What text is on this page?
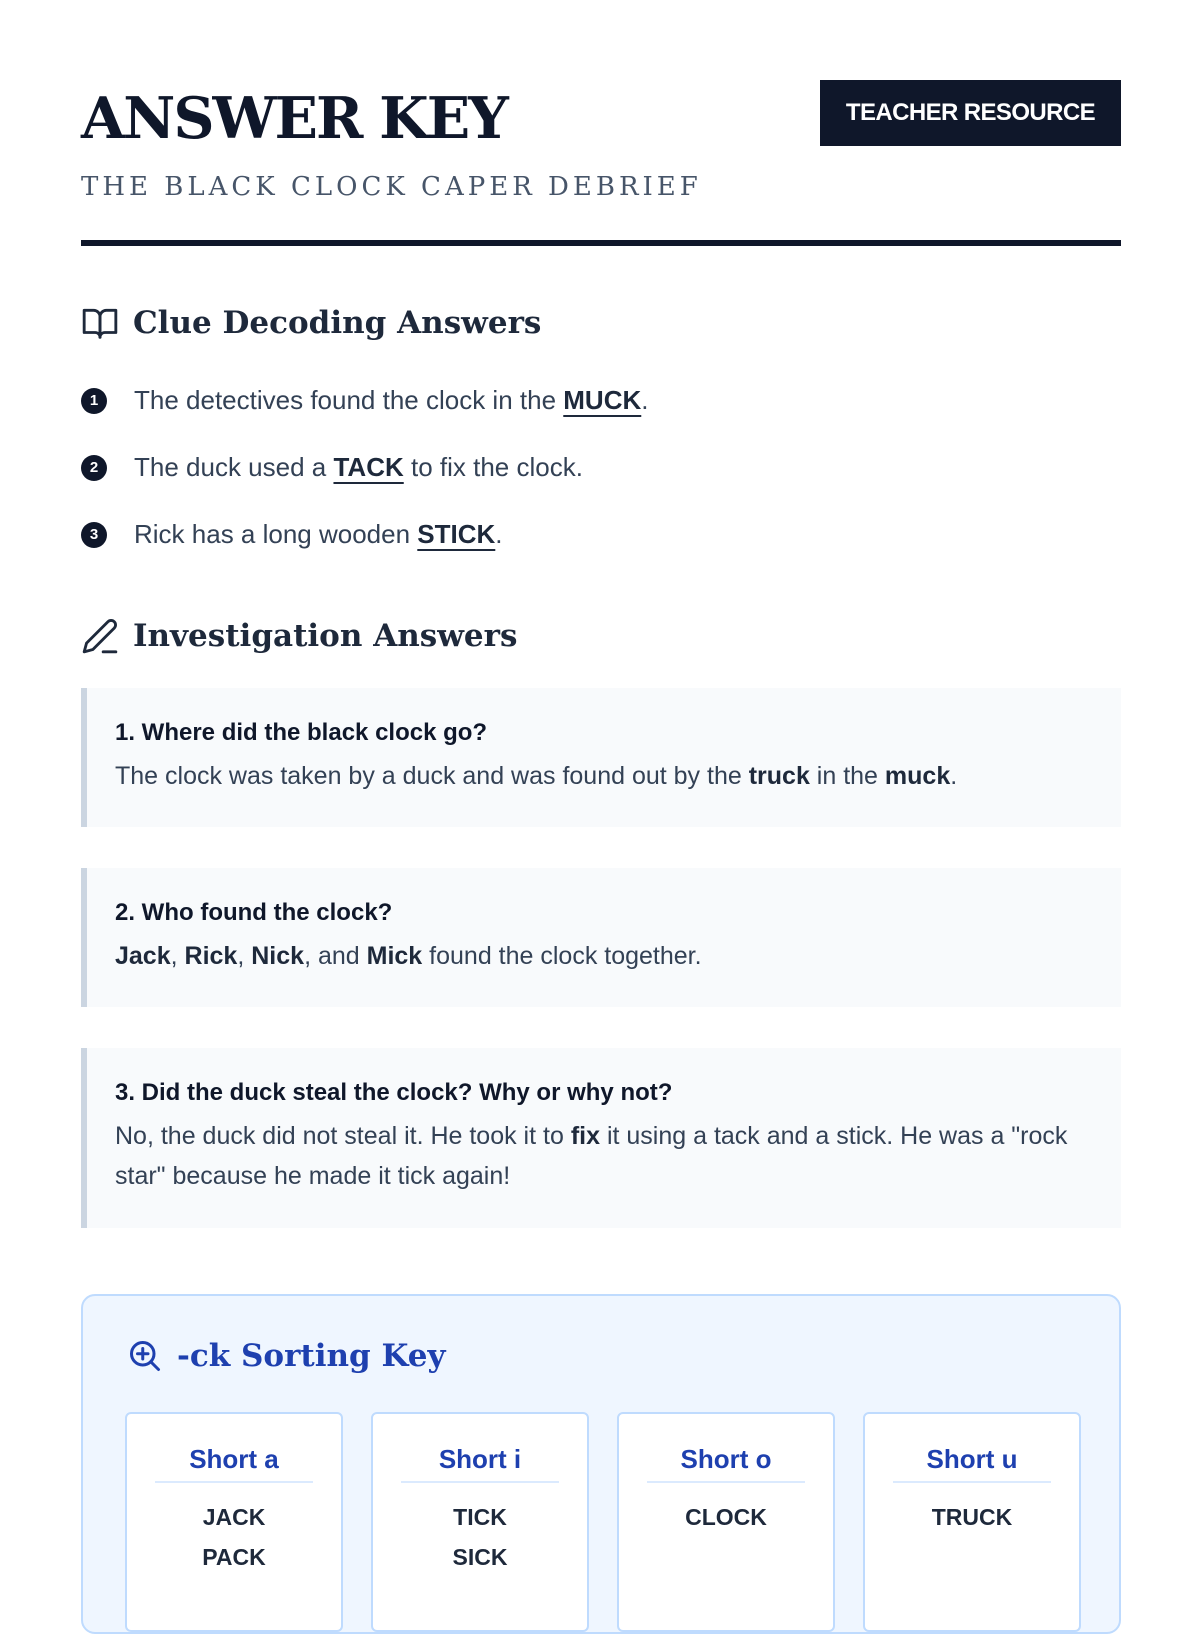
ANSWER KEY
THE BLACK CLOCK CAPER DEBRIEF
TEACHER RESOURCE
Clue Decoding Answers
1	The detectives found the clock in the MUCK.
2	The duck used a TACK to fix the clock.
3	Rick has a long wooden STICK.
Investigation Answers
1. Where did the black clock go?
The clock was taken by a duck and was found out by the truck in the muck.
2. Who found the clock?
Jack, Rick, Nick, and Mick found the clock together.
3. Did the duck steal the clock? Why or why not?
No, the duck did not steal it. He took it to fix it using a tack and a stick. He was a "rock star" because he made it tick again!
-ck Sorting Key
Short a
JACK
PACK
Short i
TICK
SICK
Short o
CLOCK
Short u
TRUCK
